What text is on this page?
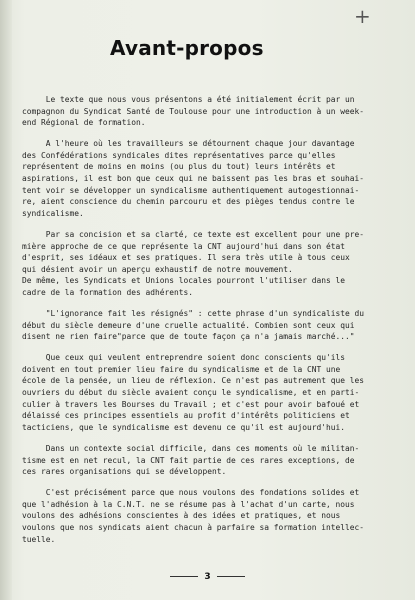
+
Avant-propos

Le texte que nous vous présentons a été initialement écrit par un
compagnon du Syndicat Santé de Toulouse pour une introduction à un week-
end Régional de formation.

A l'heure où les travailleurs se détournent chaque jour davantage
des Confédérations syndicales dites représentatives parce qu'elles
représentent de moins en moins (ou plus du tout) leurs intérêts et
aspirations, il est bon que ceux qui ne baissent pas les bras et souhai-
tent voir se développer un syndicalisme authentiquement autogestionnai-
re, aient conscience du chemin parcouru et des pièges tendus contre le
syndicalisme.

Par sa concision et sa clarté, ce texte est excellent pour une pre-
mière approche de ce que représente la CNT aujourd'hui dans son état
d'esprit, ses idéaux et ses pratiques. Il sera très utile à tous ceux
qui désient avoir un aperçu exhaustif de notre mouvement.
De même, les Syndicats et Unions locales pourront l'utiliser dans le
cadre de la formation des adhérents.

"L'ignorance fait les résignés" : cette phrase d'un syndicaliste du
début du siècle demeure d'une cruelle actualité. Combien sont ceux qui
disent ne rien faire"parce que de toute façon ça n'a jamais marché..."

Que ceux qui veulent entreprendre soient donc conscients qu'ils
doivent en tout premier lieu faire du syndicalisme et de la CNT une
école de la pensée, un lieu de réflexion. Ce n'est pas autrement que les
ouvriers du début du siècle avaient conçu le syndicalisme, et en parti-
culier à travers les Bourses du Travail ; et c'est pour avoir bafoué et
délaissé ces principes essentiels au profit d'intérêts politiciens et
tacticiens, que le syndicalisme est devenu ce qu'il est aujourd'hui.

Dans un contexte social difficile, dans ces moments où le militan-
tisme est en net recul, la CNT fait partie de ces rares exceptions, de
ces rares organisations qui se développent.

C'est précisément parce que nous voulons des fondations solides et
que l'adhésion à la C.N.T. ne se résume pas à l'achat d'un carte, nous
voulons des adhésions conscientes à des idées et pratiques, et nous
voulons que nos syndicats aient chacun à parfaire sa formation intellec-
tuelle.

3
